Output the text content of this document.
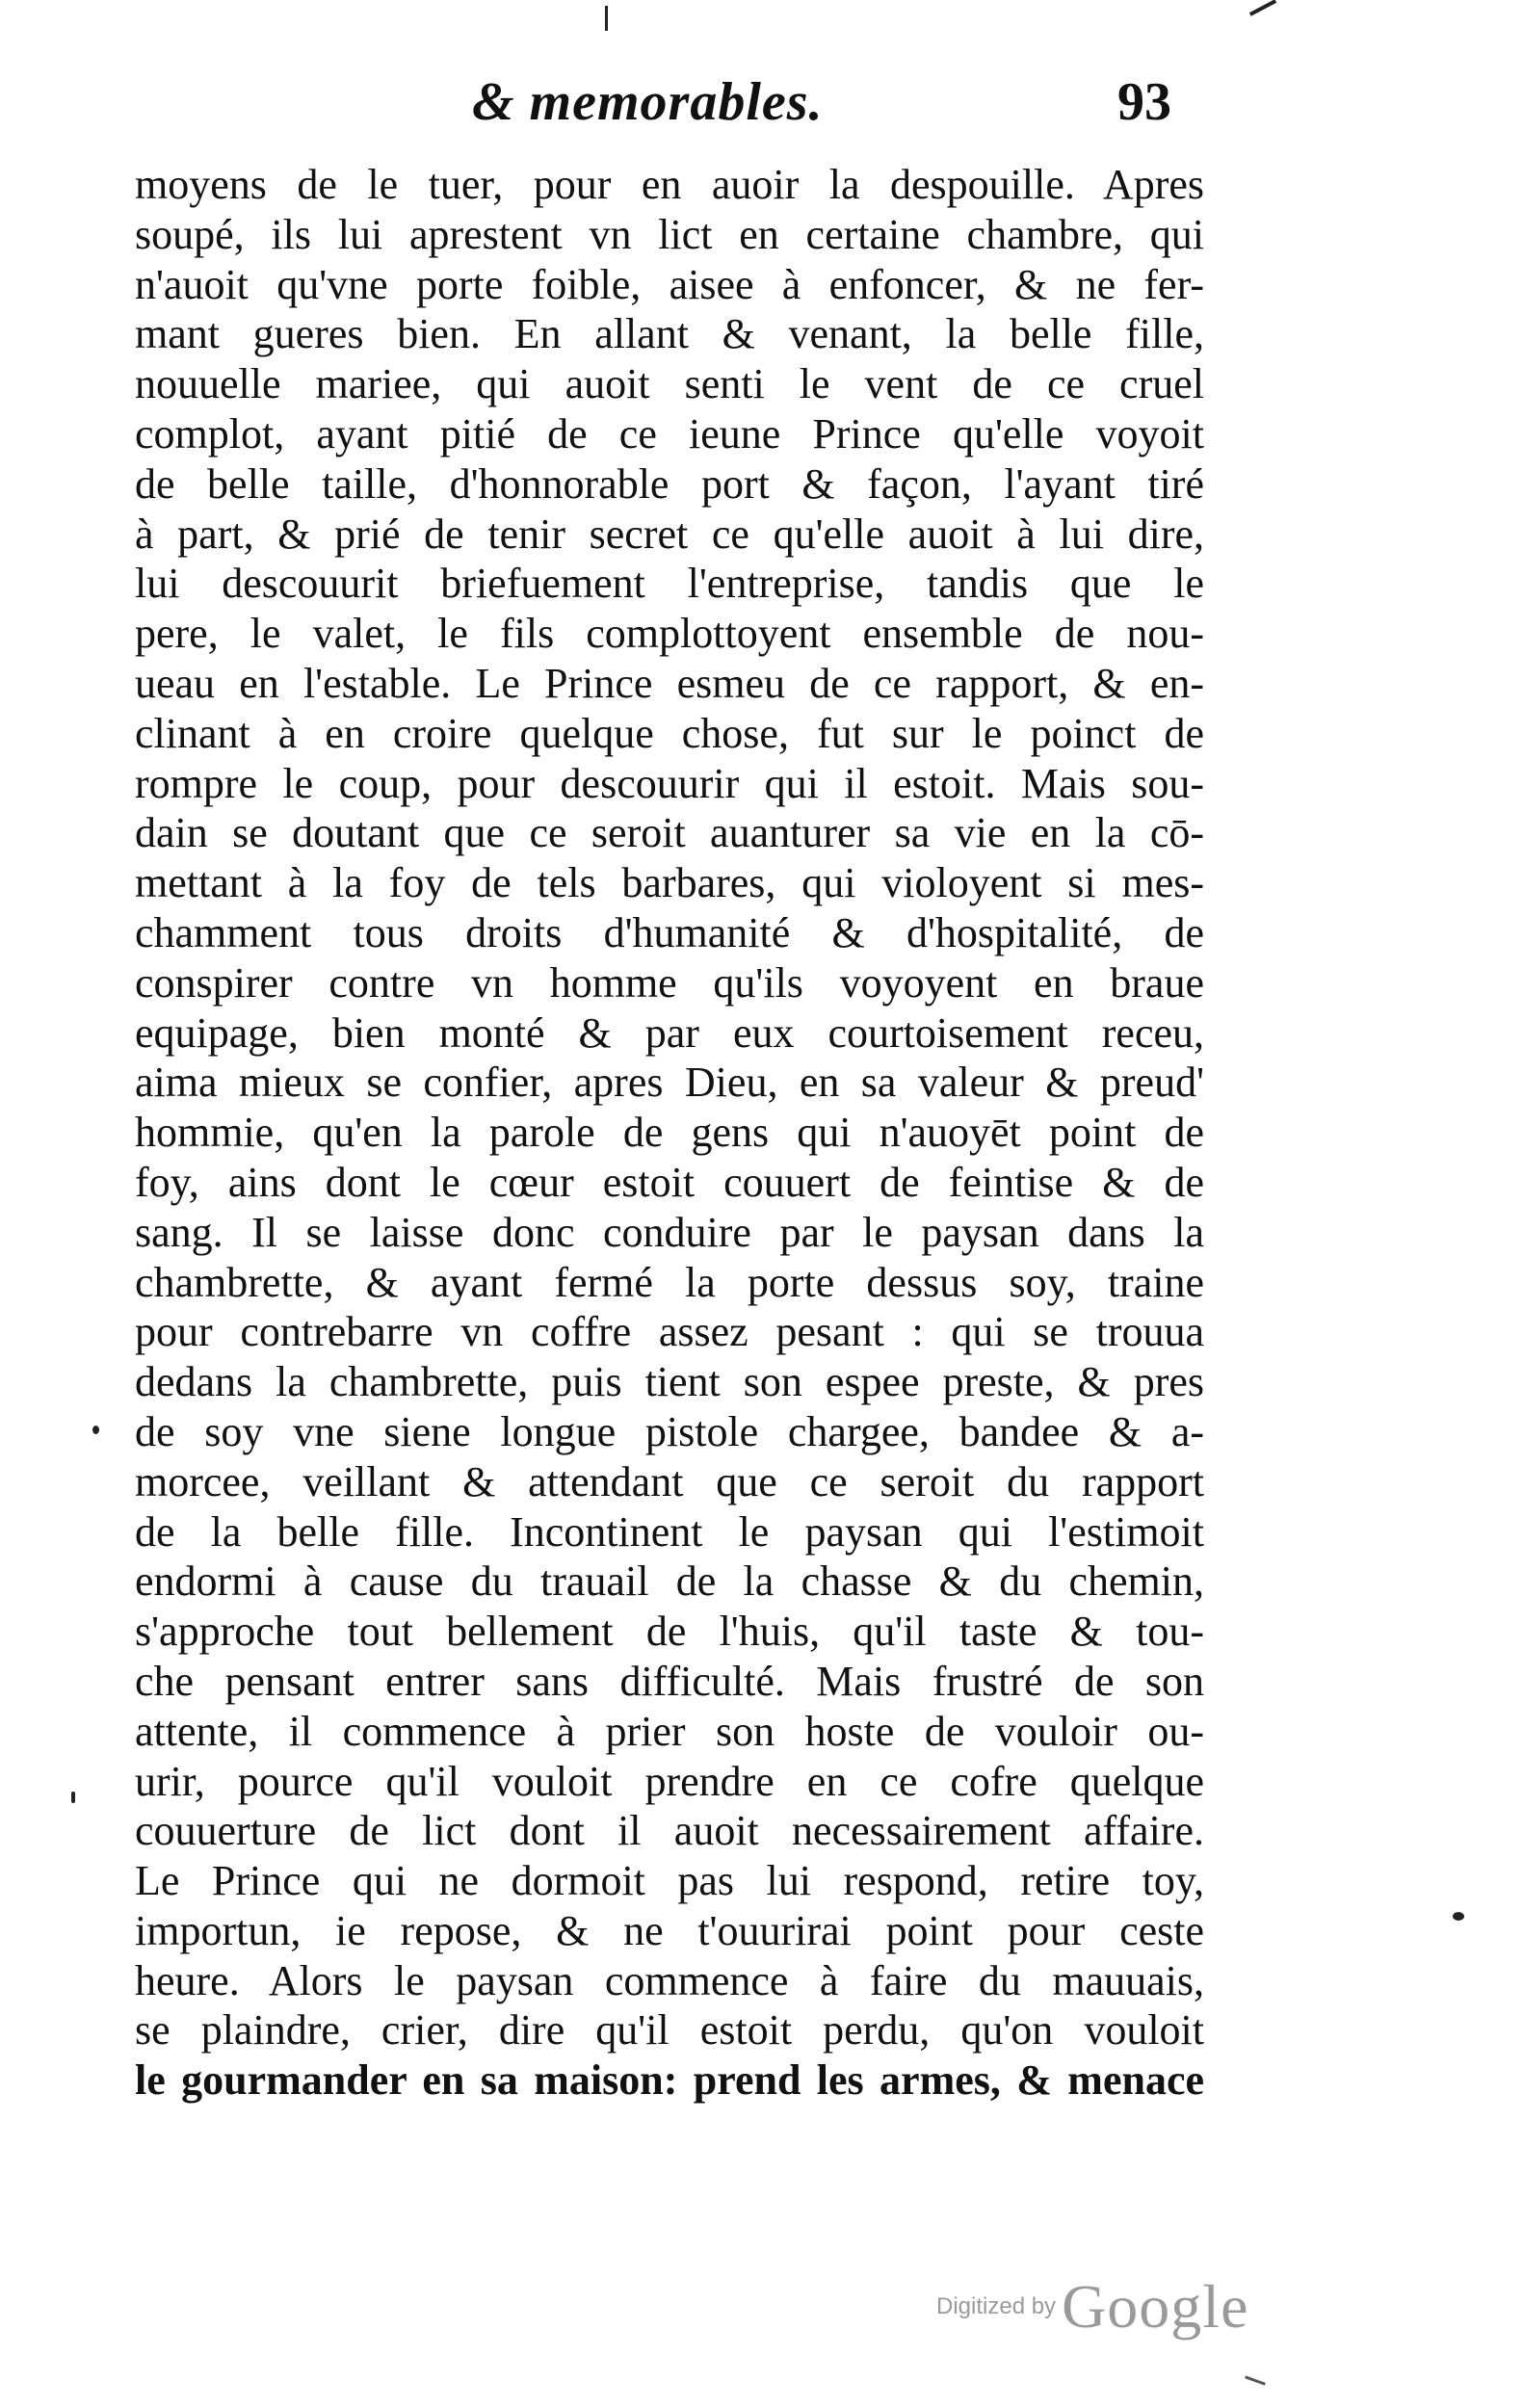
& memorables.	93
moyens de le tuer, pour en auoir la despouille. Apres
soupé, ils lui aprestent vn lict en certaine chambre, qui
n'auoit qu'vne porte foible, aisee à enfoncer, & ne fer-
mant gueres bien. En allant & venant, la belle fille,
nouuelle mariee, qui auoit senti le vent de ce cruel
complot, ayant pitié de ce ieune Prince qu'elle voyoit
de belle taille, d'honnorable port & façon, l'ayant tiré
à part, & prié de tenir secret ce qu'elle auoit à lui dire,
lui descouurit briefuement l'entreprise, tandis que le
pere, le valet, le fils complottoyent ensemble de nou-
ueau en l'estable. Le Prince esmeu de ce rapport, & en-
clinant à en croire quelque chose, fut sur le poinct de
rompre le coup, pour descouurir qui il estoit. Mais sou-
dain se doutant que ce seroit auanturer sa vie en la cō-
mettant à la foy de tels barbares, qui violoyent si mes-
chamment tous droits d'humanité & d'hospitalité, de
conspirer contre vn homme qu'ils voyoyent en braue
equipage, bien monté & par eux courtoisement receu,
aima mieux se confier, apres Dieu, en sa valeur & preud'
hommie, qu'en la parole de gens qui n'auoyēt point de
foy, ains dont le cœur estoit couuert de feintise & de
sang. Il se laisse donc conduire par le paysan dans la
chambrette, & ayant fermé la porte dessus soy, traine
pour contrebarre vn coffre assez pesant : qui se trouua
dedans la chambrette, puis tient son espee preste, & pres
de soy vne siene longue pistole chargee, bandee & a-
morcee, veillant & attendant que ce seroit du rapport
de la belle fille. Incontinent le paysan qui l'estimoit
endormi à cause du trauail de la chasse & du chemin,
s'approche tout bellement de l'huis, qu'il taste & tou-
che pensant entrer sans difficulté. Mais frustré de son
attente, il commence à prier son hoste de vouloir ou-
urir, pource qu'il vouloit prendre en ce cofre quelque
couuerture de lict dont il auoit necessairement affaire.
Le Prince qui ne dormoit pas lui respond, retire toy,
importun, ie repose, & ne t'ouurirai point pour ceste
heure. Alors le paysan commence à faire du mauuais,
se plaindre, crier, dire qu'il estoit perdu, qu'on vouloit
le gourmander en sa maison: prend les armes, & menace
Digitized byGoogle
